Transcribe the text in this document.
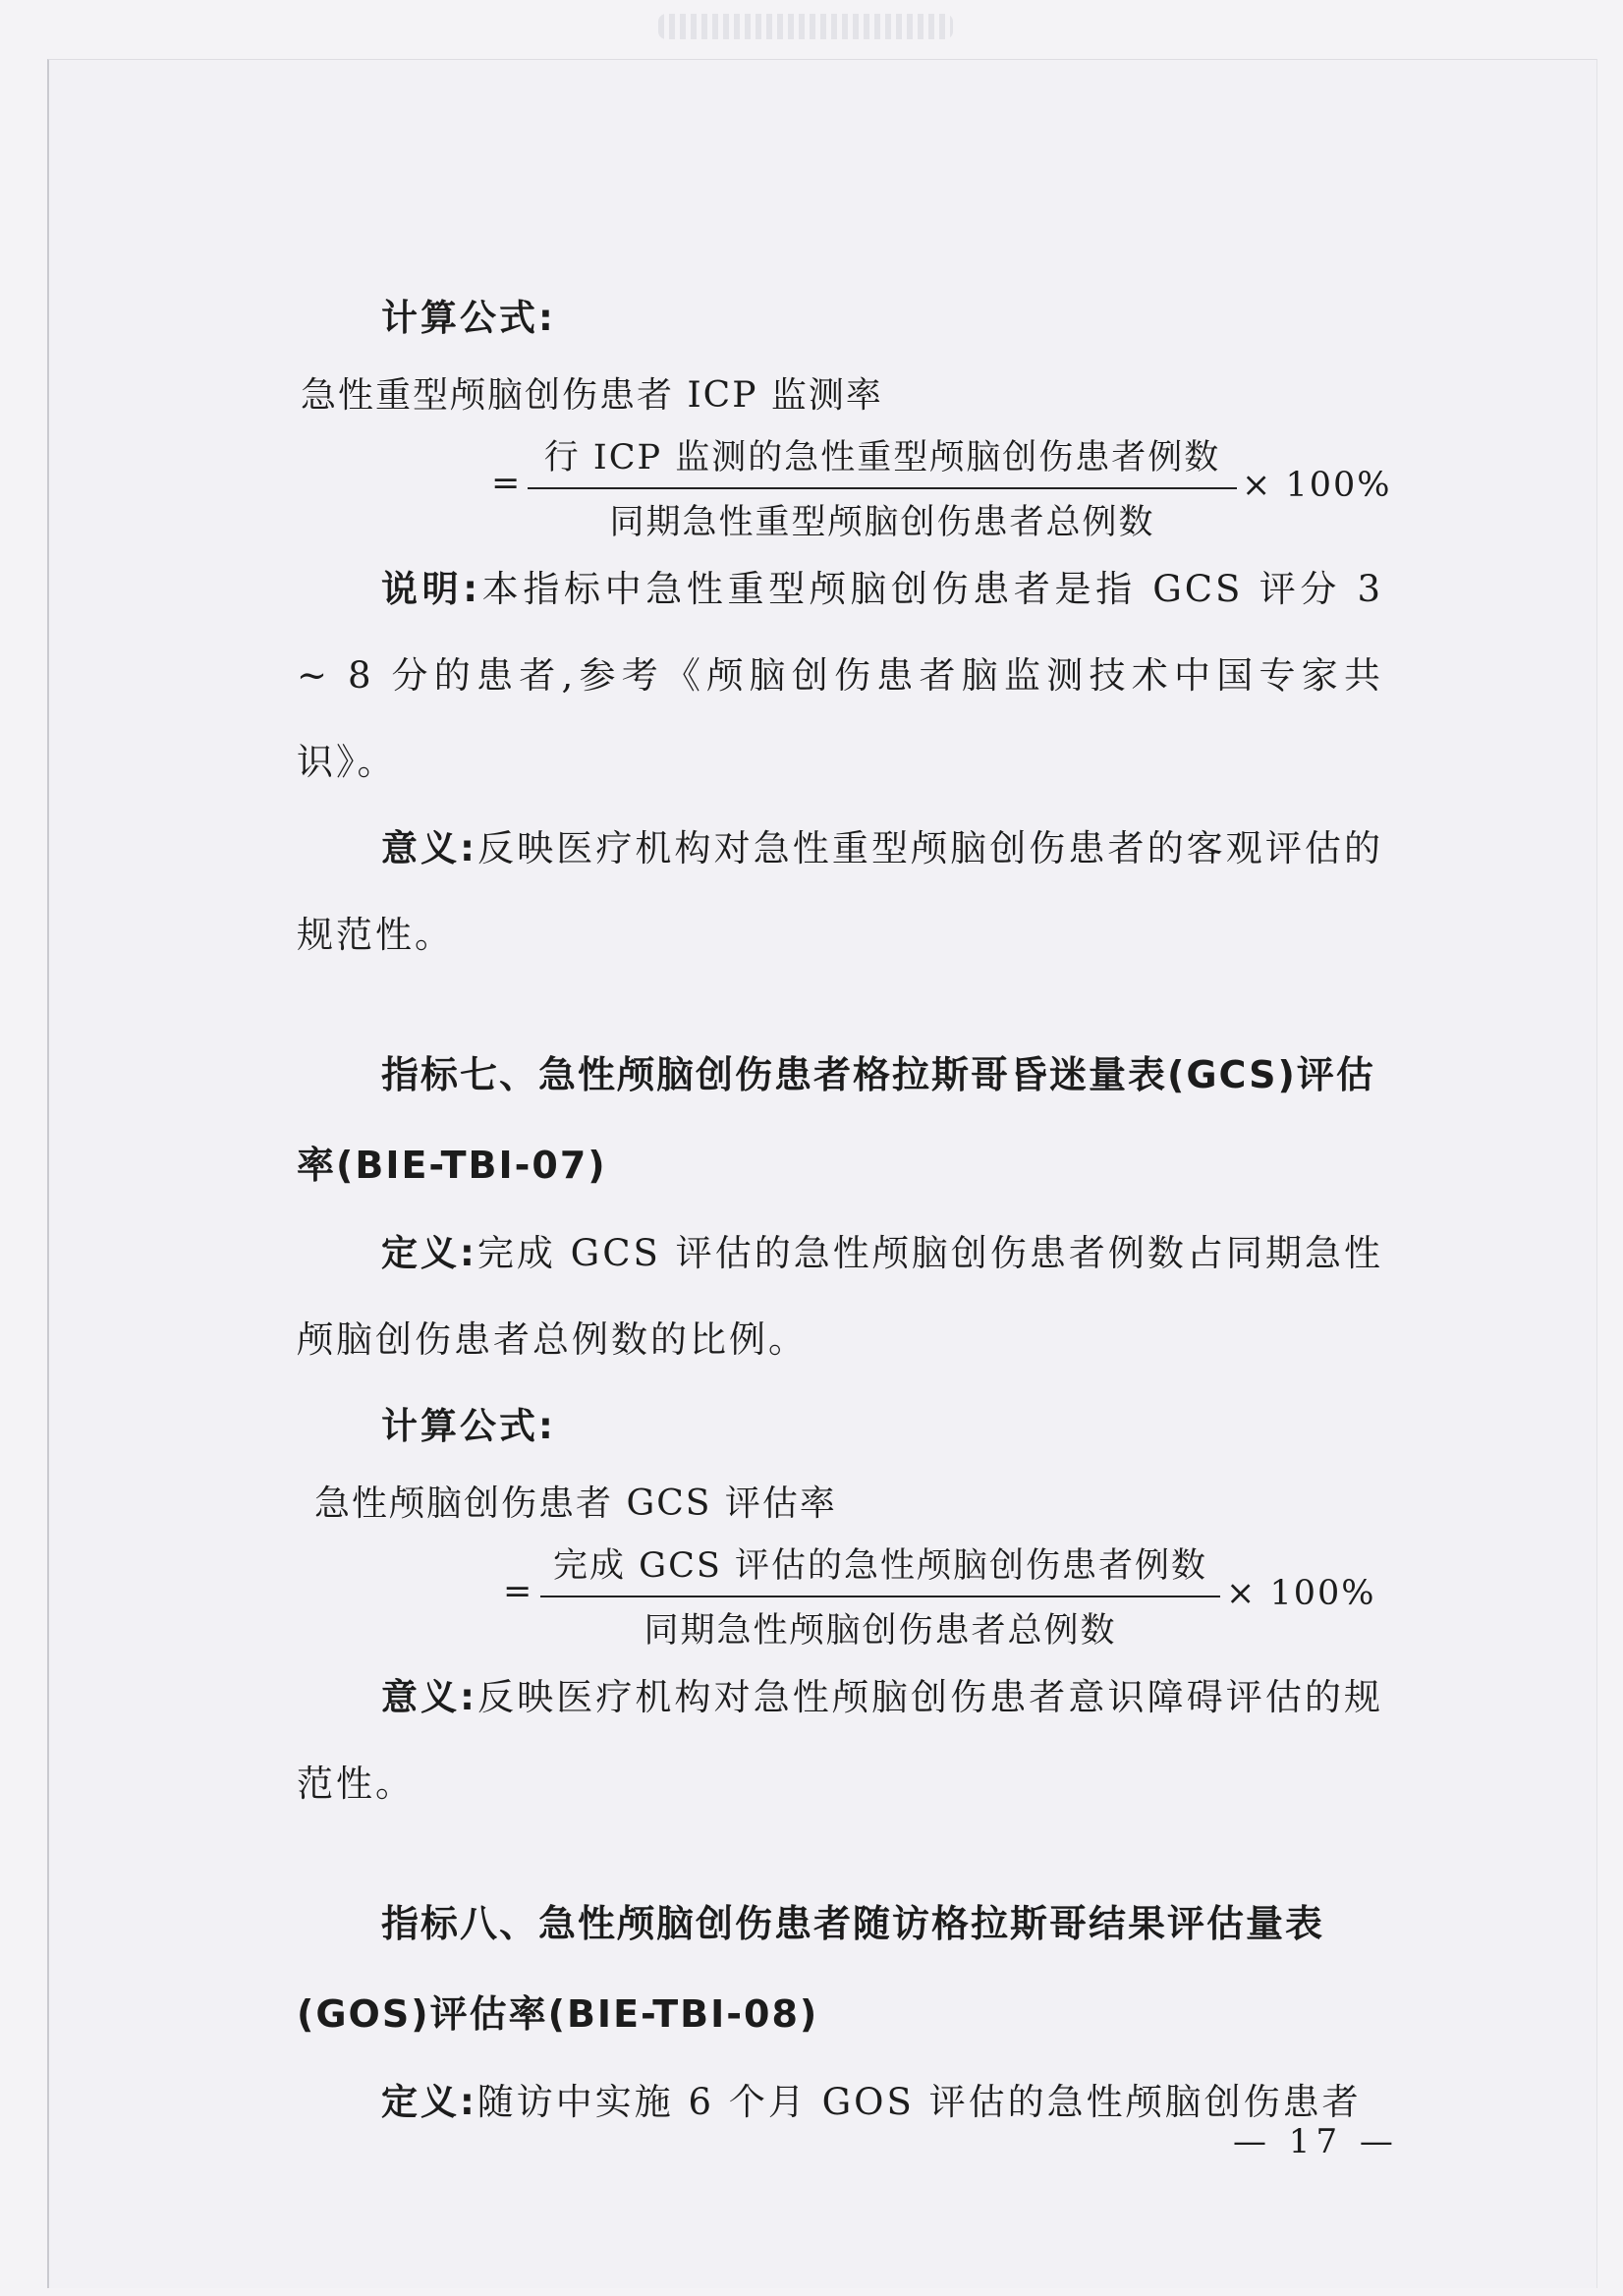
计算公式:

急性重型颅脑创伤患者 ICP 监测率

=
行 ICP 监测的急性重型颅脑创伤患者例数
同期急性重型颅脑创伤患者总例数
× 100%

说明:本指标中急性重型颅脑创伤患者是指 GCS 评分 3 ~ 8 分的患者,参考《颅脑创伤患者脑监测技术中国专家共识》。

意义:反映医疗机构对急性重型颅脑创伤患者的客观评估的规范性。

指标七、急性颅脑创伤患者格拉斯哥昏迷量表(GCS)评估率(BIE-TBI-07)

定义:完成 GCS 评估的急性颅脑创伤患者例数占同期急性颅脑创伤患者总例数的比例。

计算公式:

急性颅脑创伤患者 GCS 评估率

=
完成 GCS 评估的急性颅脑创伤患者例数
同期急性颅脑创伤患者总例数
× 100%

意义:反映医疗机构对急性颅脑创伤患者意识障碍评估的规范性。

指标八、急性颅脑创伤患者随访格拉斯哥结果评估量表(GOS)评估率(BIE-TBI-08)

定义:随访中实施 6 个月 GOS 评估的急性颅脑创伤患者

— 17 —
